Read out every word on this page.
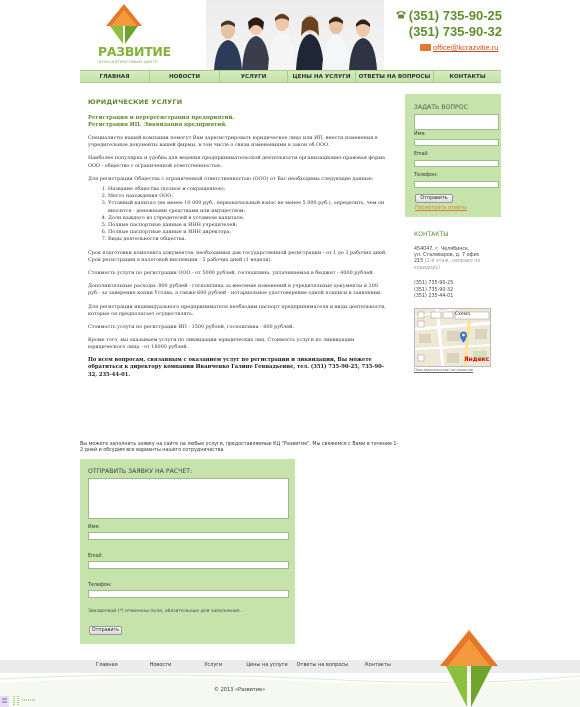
РАЗВИТИЕ
КОНСАЛТИНГОВЫЙ ЦЕНТР
(351) 735-90-25
(351) 735-90-32
office@kcrazvitie.ru
ГЛАВНАЯ	НОВОСТИ	УСЛУГИ	ЦЕНЫ НА УСЛУГИ	ОТВЕТЫ НА ВОПРОСЫ	КОНТАКТЫ
ЮРИДИЧЕСКИЕ УСЛУГИ
Регистрация и перерегистрация предприятий.
Регистрация ИП. Ликвидация предприятий.

Специалисты нашей компании помогут Вам зарегистрировать юридическое лицо или ИП, внести изменения в учредительные документы вашей фирмы, в том числе о связи изменениями в закон об ООО.

Наиболее популярна и удобна для ведения предпринимательской деятельности организационно-правовая форма ООО - общество с ограниченной ответственностью.

Для регистрации Общества с ограниченной ответственностью (ООО) от Вас необходимы следующие данные:

1. Название общества (полное и сокращенное);
2. Место нахождения ООО;
3. Уставный капитал (не менее 10 000 руб., первоначальный взнос не менее 5 000 руб.), определить, чем он вносится - денежными средствами или имуществом;
4. Доли каждого из учредителей в уставном капитале;
5. Полные паспортные данные и ИНН учредителей;
6. Полные паспортные данные и ИНН директора;
7. Виды деятельности общества.

Срок подготовки комплекта документов, необходимых дак государственной регистрации - от 1 до 3 рабочих дней. Срок регистрации в налоговой инспекции - 5 рабочих дней (1 неделя).

Стоимость услуги по регистрации ООО - от 5000 рублей, госпошлина, уплачиваемая в бюджет - 4000 рублей.

Дополнительные расходы: 800 рублей - госпошлина за внесение изменений в учредительные документы и 200 руб.- за заверение копии Устава, а также 600 рублей - нотариальное удостоверение одной подписи в заявлении.

Для регистрации индивидуального предпринимателя необходим паспорт предпринимателя и виды деятельности, которые он предполагает осуществлять.

Стоимость услуги по регистрации ИП - 1500 рублей, госпошлина - 800 рублей.

Кроме того, мы оказываем услуги по ликвидации юридических лиц. Стоимость услуги по ликвидации юридического лица - от 18000 рублей.

По всем вопросам, связанным с оказанием услуг по регистрации и ликвидации, Вы можете обратиться к директору компании Иванченко Галине Геннадьевне, тел. (351) 735-90-25, 735-90-32, 235-44-01.

ЗАДАТЬ ВОПРОС
Имя:
Email:
Телефон:
Отправить
Посмотреть ответы
КОНТАКТЫ
454047, г. Челябинск,
ул. Сталеваров, д. 7 офис
215 (2-й этаж, направо по коридору)
(351) 735-90-25
(351) 735-90-32
(351) 235-44-01
Схема
Яндекс
Пользовательское соглашение
Вы можете заполнить заявку на сайте на любые услуги, предоставляемые КЦ "Развитие". Мы свяжемся с Вами в течение 1-2 дней и обсудим все варианты нашего сотрудничества
ОТПРАВИТЬ ЗАЯВКУ НА РАСЧЕТ:
Имя:
Email:
Телефон:
Звездочкой (*) отмечены поля, обязательные для заполнения.
Отправить
Главная	Новости	Услуги	Цены на услуги Ответы на вопросы	Контакты
© 2013 «Развитие»
